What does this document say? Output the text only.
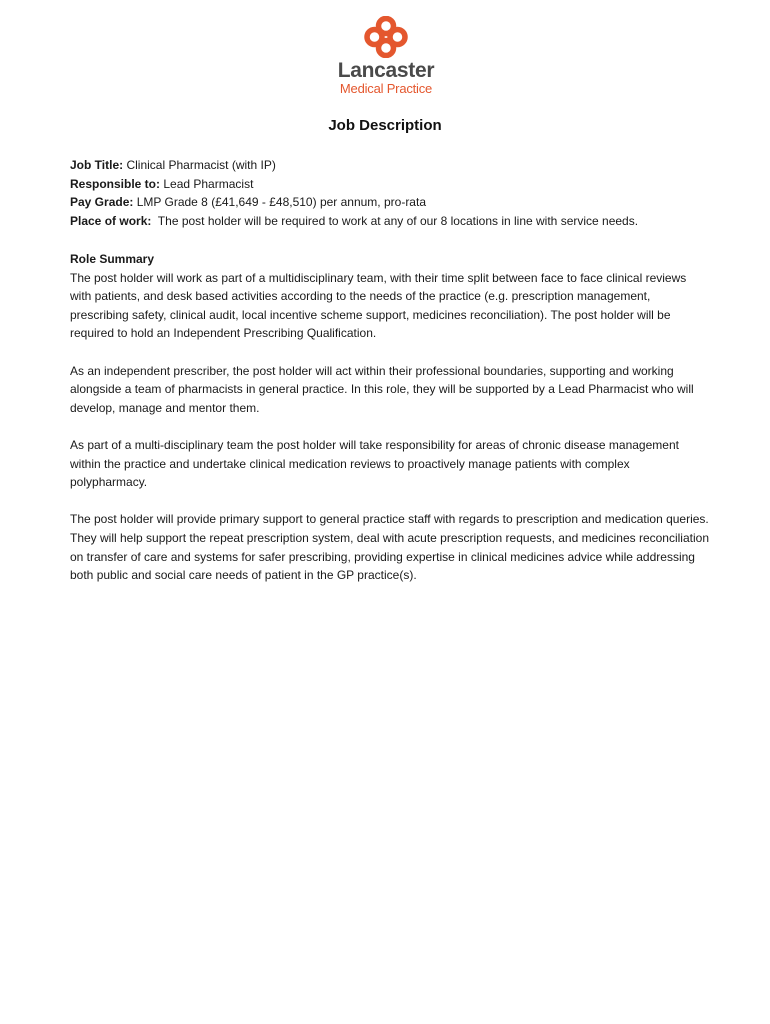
Lancaster
Medical Practice
Job Description
Job Title: Clinical Pharmacist (with IP)
Responsible to: Lead Pharmacist
Pay Grade: LMP Grade 8 (£41,649 - £48,510) per annum, pro-rata
Place of work:  The post holder will be required to work at any of our 8 locations in line with service needs.
Role Summary

The post holder will work as part of a multidisciplinary team, with their time split between face to face clinical reviews with patients, and desk based activities according to the needs of the practice (e.g. prescription management, prescribing safety, clinical audit, local incentive scheme support, medicines reconciliation). The post holder will be required to hold an Independent Prescribing Qualification.

As an independent prescriber, the post holder will act within their professional boundaries, supporting and working alongside a team of pharmacists in general practice. In this role, they will be supported by a Lead Pharmacist who will develop, manage and mentor them.

As part of a multi-disciplinary team the post holder will take responsibility for areas of chronic disease management within the practice and undertake clinical medication reviews to proactively manage patients with complex polypharmacy.

The post holder will provide primary support to general practice staff with regards to prescription and medication queries. They will help support the repeat prescription system, deal with acute prescription requests, and medicines reconciliation on transfer of care and systems for safer prescribing, providing expertise in clinical medicines advice while addressing both public and social care needs of patient in the GP practice(s).
